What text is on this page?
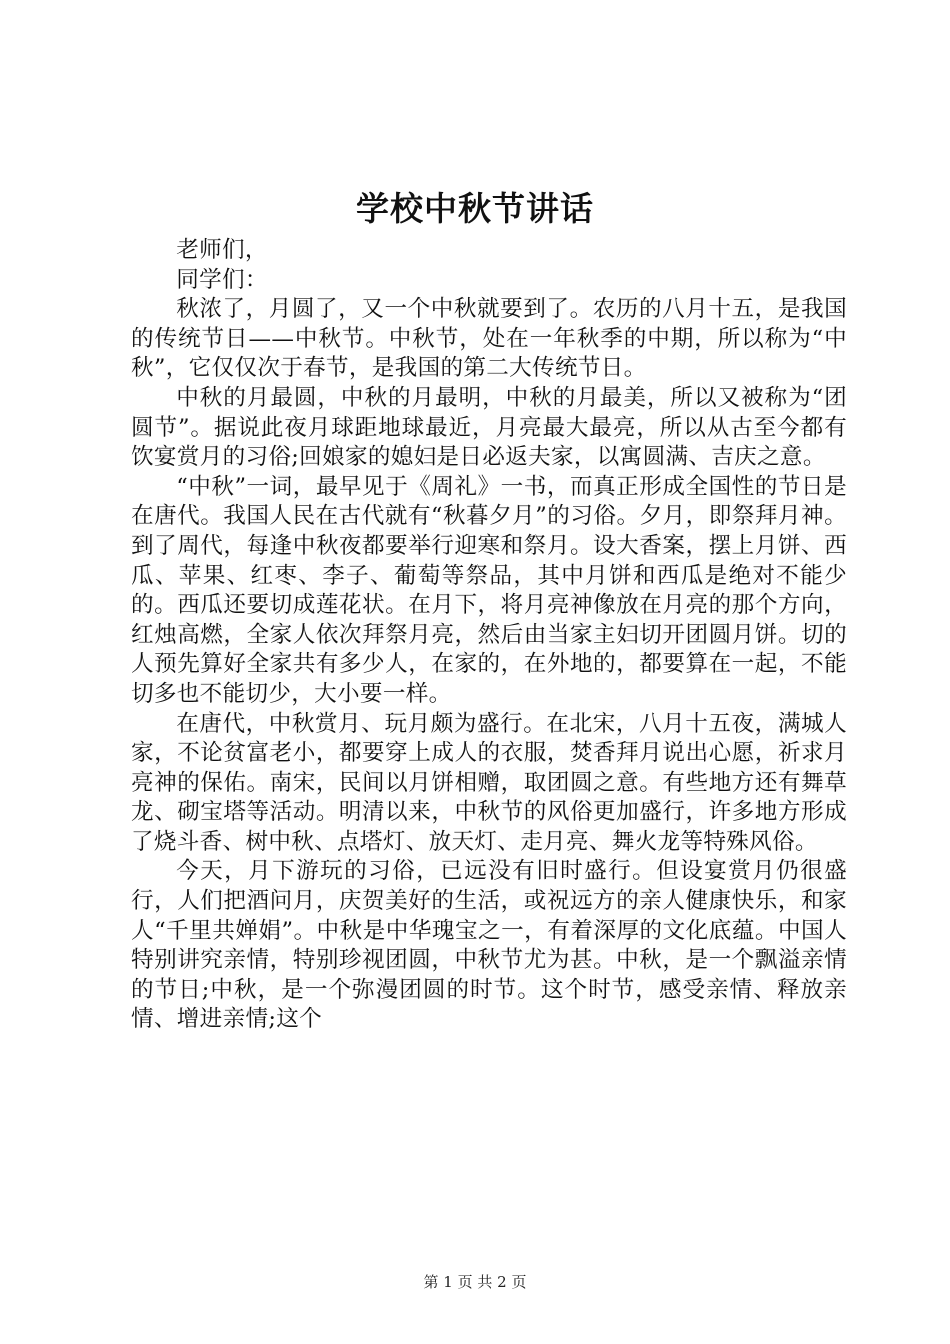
学校中秋节讲话

老师们，

同学们：

秋浓了，月圆了，又一个中秋就要到了。农历的八月十五，是我国的传统节日——中秋节。中秋节，处在一年秋季的中期，所以称为“中秋”，它仅仅次于春节，是我国的第二大传统节日。

中秋的月最圆，中秋的月最明，中秋的月最美，所以又被称为“团圆节”。据说此夜月球距地球最近，月亮最大最亮，所以从古至今都有饮宴赏月的习俗;回娘家的媳妇是日必返夫家，以寓圆满、吉庆之意。

“中秋”一词，最早见于《周礼》一书，而真正形成全国性的节日是在唐代。我国人民在古代就有“秋暮夕月”的习俗。夕月，即祭拜月神。到了周代，每逢中秋夜都要举行迎寒和祭月。设大香案，摆上月饼、西瓜、苹果、红枣、李子、葡萄等祭品，其中月饼和西瓜是绝对不能少的。西瓜还要切成莲花状。在月下，将月亮神像放在月亮的那个方向，红烛高燃，全家人依次拜祭月亮，然后由当家主妇切开团圆月饼。切的人预先算好全家共有多少人，在家的，在外地的，都要算在一起，不能切多也不能切少，大小要一样。

在唐代，中秋赏月、玩月颇为盛行。在北宋，八月十五夜，满城人家，不论贫富老小，都要穿上成人的衣服，焚香拜月说出心愿，祈求月亮神的保佑。南宋，民间以月饼相赠，取团圆之意。有些地方还有舞草龙、砌宝塔等活动。明清以来，中秋节的风俗更加盛行，许多地方形成了烧斗香、树中秋、点塔灯、放天灯、走月亮、舞火龙等特殊风俗。

今天，月下游玩的习俗，已远没有旧时盛行。但设宴赏月仍很盛行，人们把酒问月，庆贺美好的生活，或祝远方的亲人健康快乐，和家人“千里共婵娟”。中秋是中华瑰宝之一，有着深厚的文化底蕴。中国人特别讲究亲情，特别珍视团圆，中秋节尤为甚。中秋，是一个飘溢亲情的节日;中秋，是一个弥漫团圆的时节。这个时节，感受亲情、释放亲情、增进亲情;这个

第 1 页 共 2 页
